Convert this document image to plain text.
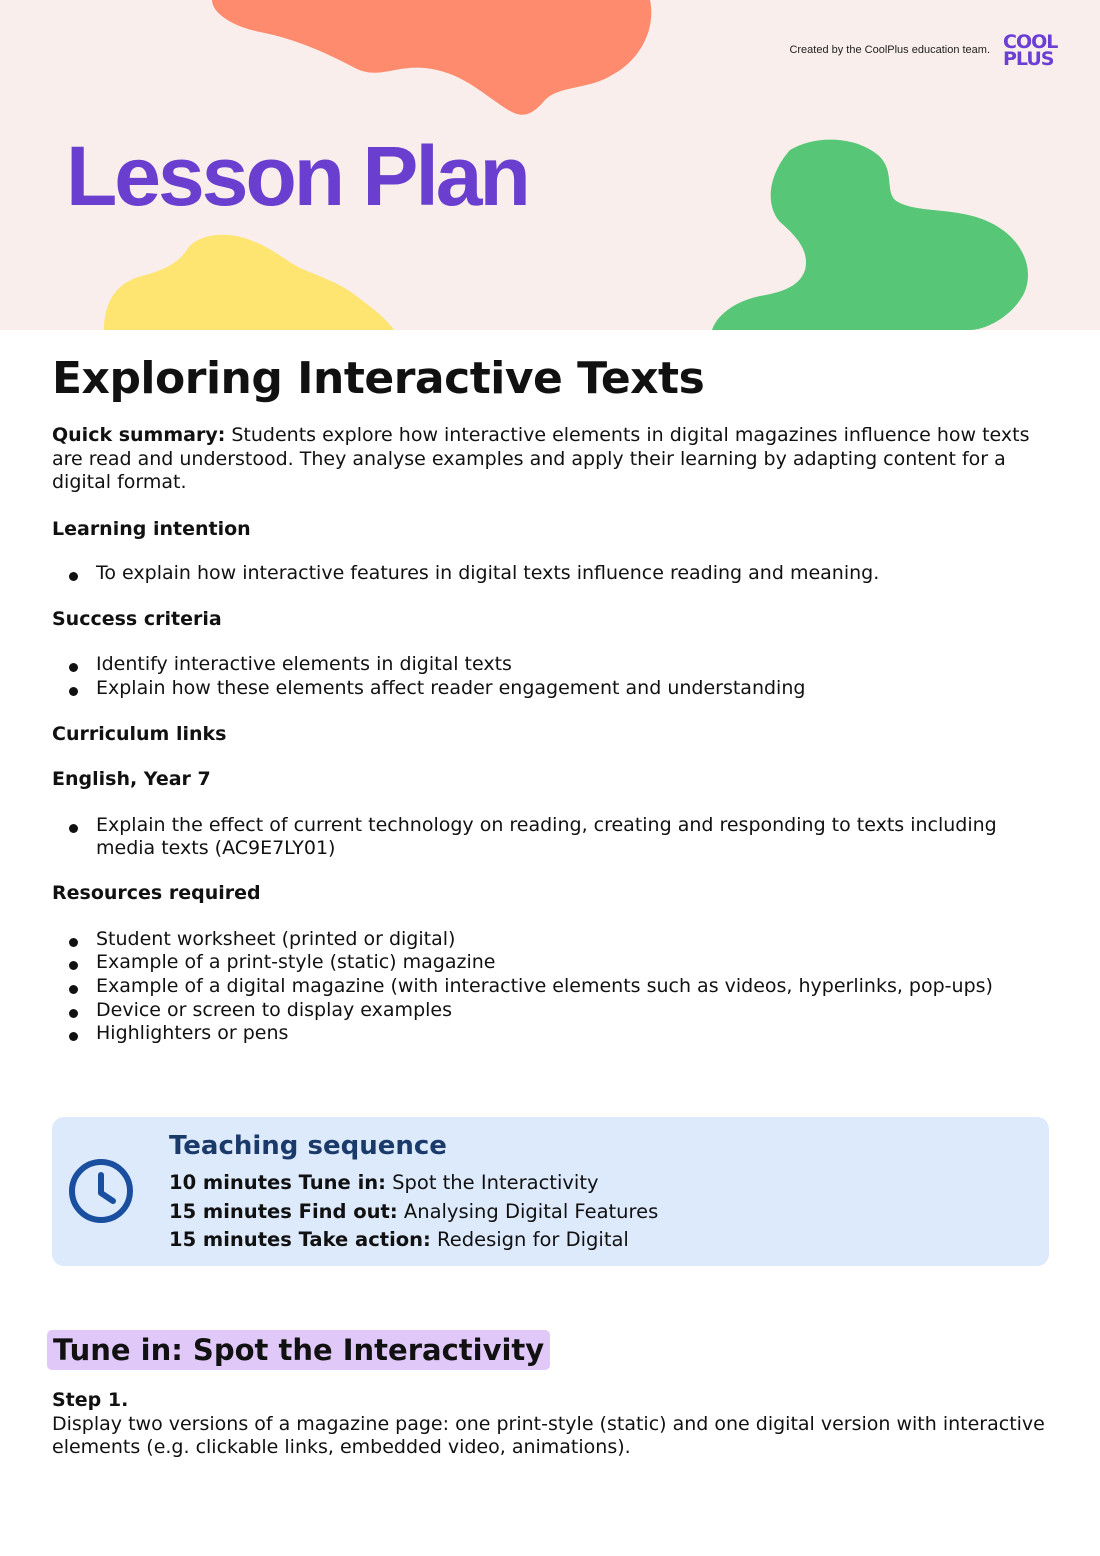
Created by the CoolPlus education team. COOL
PLUS
Lesson Plan
Exploring Interactive Texts

Quick summary: Students explore how interactive elements in digital magazines influence how texts are read and understood. They analyse examples and apply their learning by adapting content for a digital format.

Learning intention
To explain how interactive features in digital texts influence reading and meaning.
Success criteria
Identify interactive elements in digital texts
Explain how these elements affect reader engagement and understanding
Curriculum links
English, Year 7
Explain the effect of current technology on reading, creating and responding to texts including media texts (AC9E7LY01)
Resources required
Student worksheet (printed or digital)
Example of a print-style (static) magazine
Example of a digital magazine (with interactive elements such as videos, hyperlinks, pop-ups)
Device or screen to display examples
Highlighters or pens
Teaching sequence

10 minutes Tune in: Spot the Interactivity

15 minutes Find out: Analysing Digital Features

15 minutes Take action: Redesign for Digital

Tune in: Spot the Interactivity
Step 1.

Display two versions of a magazine page: one print-style (static) and one digital version with interactive elements (e.g. clickable links, embedded video, animations).
